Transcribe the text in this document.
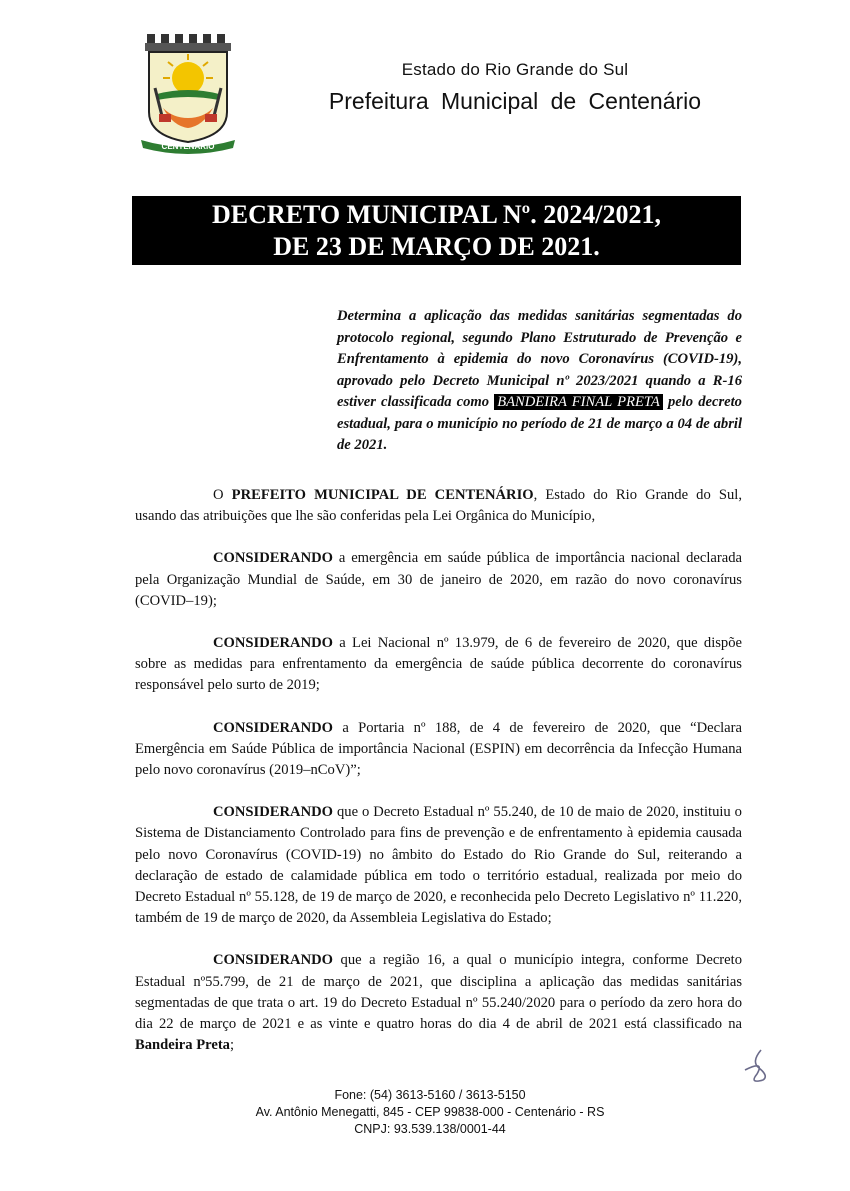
CENTENÁRIO
Estado do Rio Grande do Sul
Prefeitura Municipal de Centenário
DECRETO MUNICIPAL Nº. 2024/2021,
DE 23 DE MARÇO DE 2021.
Determina a aplicação das medidas sanitárias segmentadas do protocolo regional, segundo Plano Estruturado de Prevenção e Enfrentamento à epidemia do novo Coronavírus (COVID-19), aprovado pelo Decreto Municipal nº 2023/2021 quando a R-16 estiver classificada como BANDEIRA FINAL PRETA pelo decreto estadual, para o município no período de 21 de março a 04 de abril de 2021.

O PREFEITO MUNICIPAL DE CENTENÁRIO, Estado do Rio Grande do Sul, usando das atribuições que lhe são conferidas pela Lei Orgânica do Município,

CONSIDERANDO a emergência em saúde pública de importância nacional declarada pela Organização Mundial de Saúde, em 30 de janeiro de 2020, em razão do novo coronavírus (COVID–19);

CONSIDERANDO a Lei Nacional nº 13.979, de 6 de fevereiro de 2020, que dispõe sobre as medidas para enfrentamento da emergência de saúde pública decorrente do coronavírus responsável pelo surto de 2019;

CONSIDERANDO a Portaria nº 188, de 4 de fevereiro de 2020, que “Declara Emergência em Saúde Pública de importância Nacional (ESPIN) em decorrência da Infecção Humana pelo novo coronavírus (2019–nCoV)”;

CONSIDERANDO que o Decreto Estadual nº 55.240, de 10 de maio de 2020, instituiu o Sistema de Distanciamento Controlado para fins de prevenção e de enfrentamento à epidemia causada pelo novo Coronavírus (COVID-19) no âmbito do Estado do Rio Grande do Sul, reiterando a declaração de estado de calamidade pública em todo o território estadual, realizada por meio do Decreto Estadual nº 55.128, de 19 de março de 2020, e reconhecida pelo Decreto Legislativo nº 11.220, também de 19 de março de 2020, da Assembleia Legislativa do Estado;

CONSIDERANDO que a região 16, a qual o município integra, conforme Decreto Estadual nº55.799, de 21 de março de 2021, que disciplina a aplicação das medidas sanitárias segmentadas de que trata o art. 19 do Decreto Estadual nº 55.240/2020 para o período da zero hora do dia 22 de março de 2021 e as vinte e quatro horas do dia 4 de abril de 2021 está classificado na Bandeira Preta;

Fone: (54) 3613-5160 / 3613-5150
Av. Antônio Menegatti, 845 - CEP 99838-000 - Centenário - RS
CNPJ: 93.539.138/0001-44
